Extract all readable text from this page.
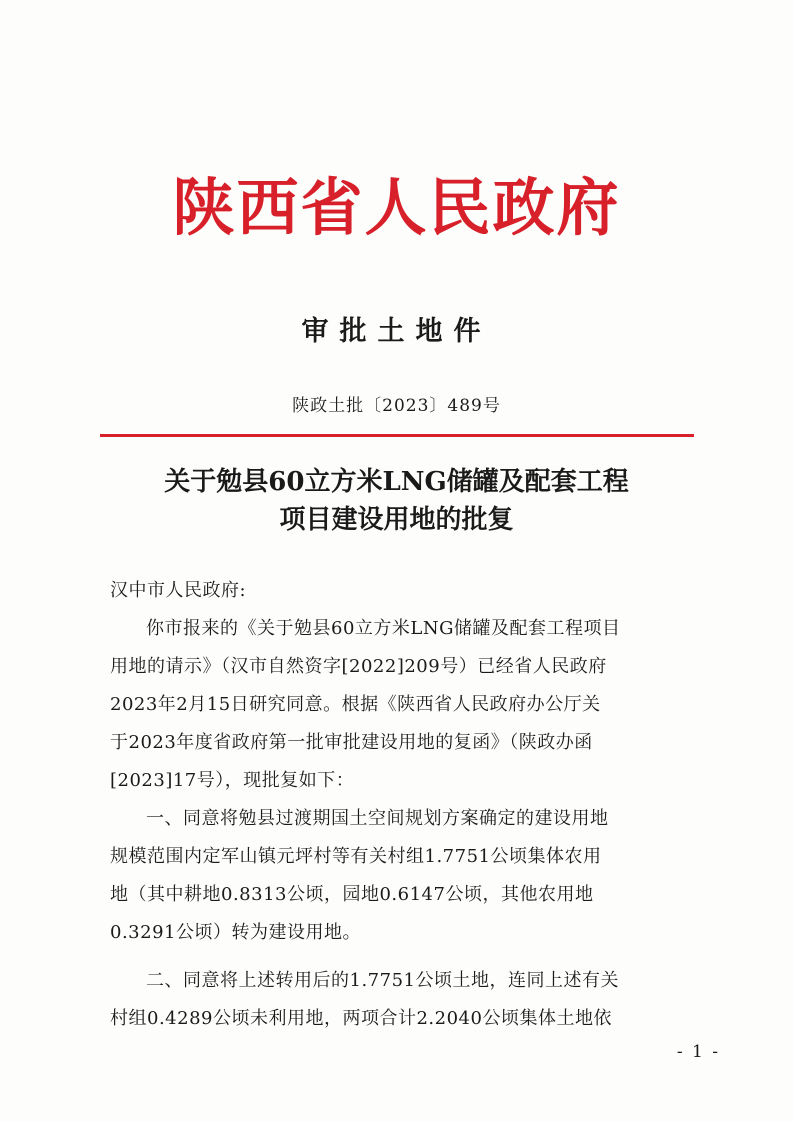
陕西省人民政府
审批土地件
陕政土批〔2023〕489号
关于勉县60立方米LNG储罐及配套工程
项目建设用地的批复
汉中市人民政府:
你市报来的《关于勉县60立方米LNG储罐及配套工程项目
用地的请示》（汉市自然资字[2022]209号）已经省人民政府
2023年2月15日研究同意。根据《陕西省人民政府办公厅关
于2023年度省政府第一批审批建设用地的复函》（陕政办函
[2023]17号），现批复如下：
一、同意将勉县过渡期国土空间规划方案确定的建设用地
规模范围内定军山镇元坪村等有关村组1.7751公顷集体农用
地（其中耕地0.8313公顷，园地0.6147公顷，其他农用地
0.3291公顷）转为建设用地。
二、同意将上述转用后的1.7751公顷土地，连同上述有关
村组0.4289公顷未利用地，两项合计2.2040公顷集体土地依
- 1 -
